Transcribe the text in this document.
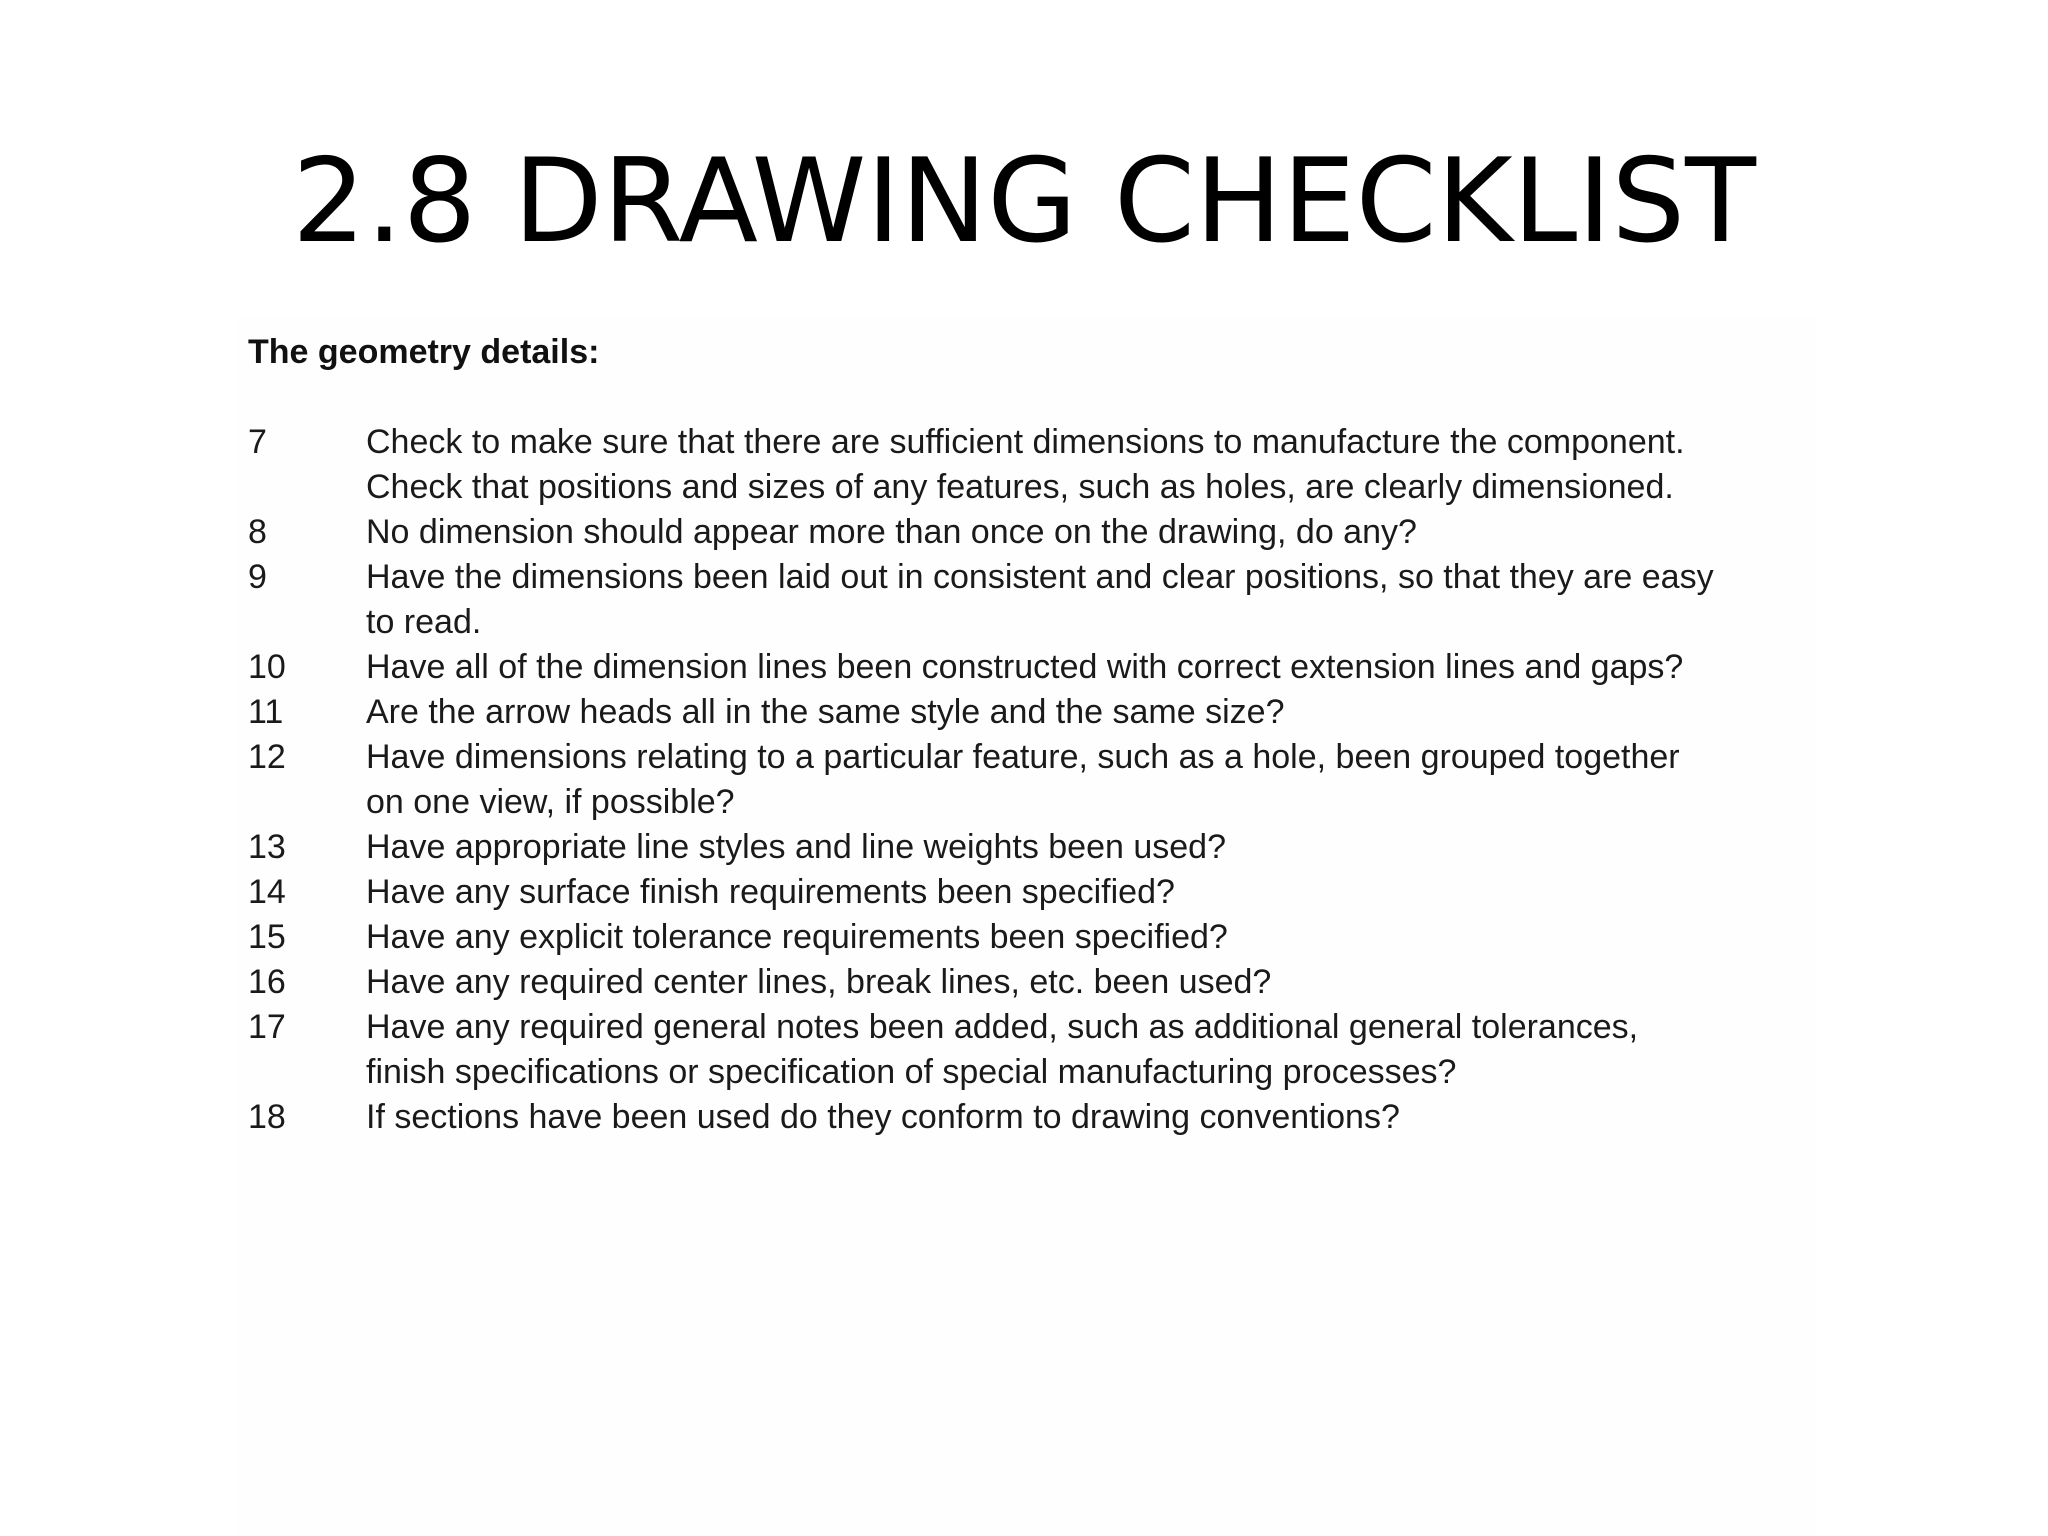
2.8 DRAWING CHECKLIST

The geometry details:

7	Check to make sure that there are sufficient dimensions to manufacture the component. Check that positions and sizes of any features, such as holes, are clearly dimensioned.
8	No dimension should appear more than once on the drawing, do any?
9	Have the dimensions been laid out in consistent and clear positions, so that they are easy to read.
10	Have all of the dimension lines been constructed with correct extension lines and gaps?
11	Are the arrow heads all in the same style and the same size?
12	Have dimensions relating to a particular feature, such as a hole, been grouped together on one view, if possible?
13	Have appropriate line styles and line weights been used?
14	Have any surface finish requirements been specified?
15	Have any explicit tolerance requirements been specified?
16	Have any required center lines, break lines, etc. been used?
17	Have any required general notes been added, such as additional general tolerances, finish specifications or specification of special manufacturing processes?
18	If sections have been used do they conform to drawing conventions?
